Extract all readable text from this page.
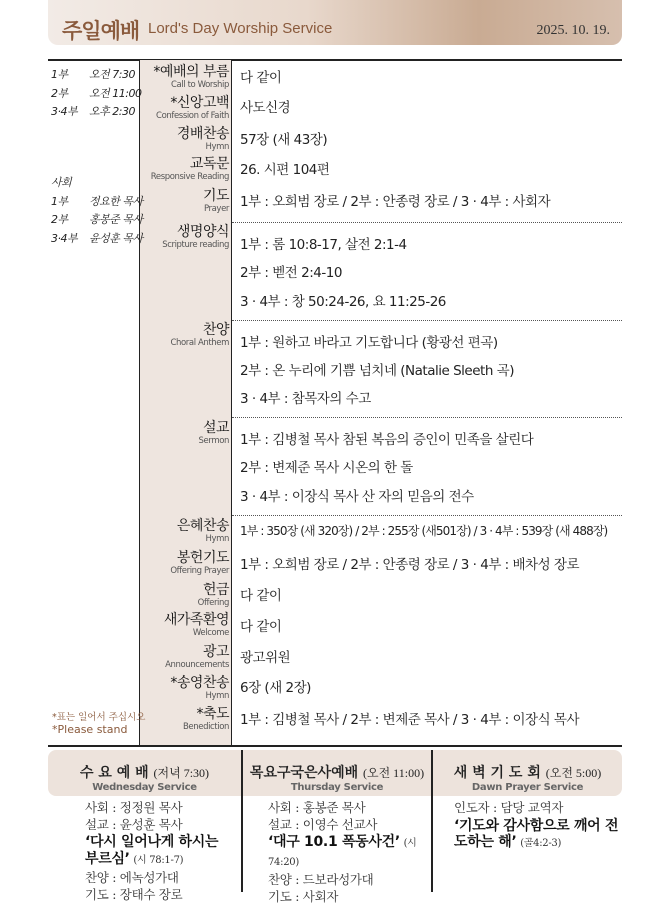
주일예배 Lord's Day Worship Service	2025. 10. 19.
1부 오전 7:30
2부 오전 11:00
3·4부 오후 2:30
사회
1부 정요한 목사
2부 홍봉준 목사
3·4부 윤성훈 목사
*예배의 부름
Call to Worship 다 같이
*신앙고백
Confession of Faith 사도신경
경배찬송
Hymn 57장 (새 43장)
교독문
Responsive Reading 26. 시편 104편
기도
Prayer 1부 : 오희범 장로 / 2부 : 안종령 장로 / 3 · 4부 : 사회자
생명양식
Scripture reading 1부 : 롬 10:8-17, 살전 2:1-4
2부 : 벧전 2:4-10
3 · 4부 : 창 50:24-26, 요 11:25-26
찬양
Choral Anthem 1부 : 원하고 바라고 기도합니다 (황광선 편곡)
2부 : 온 누리에 기쁨 넘치네 (Natalie Sleeth 곡)
3 · 4부 : 참목자의 수고
설교
Sermon 1부 : 김병철 목사 참된 복음의 증인이 민족을 살린다
2부 : 변제준 목사 시온의 한 돌
3 · 4부 : 이장식 목사 산 자의 믿음의 전수
은혜찬송
Hymn
1부 : 350장 (새 320장) / 2부 : 255장 (새501장) / 3 · 4부 : 539장 (새 488장)
봉헌기도
Offering Prayer 1부 : 오희범 장로 / 2부 : 안종령 장로 / 3 · 4부 : 배차성 장로
헌금
Offering 다 같이
새가족환영
Welcome 다 같이
광고
Announcements 광고위원
*송영찬송
Hymn 6장 (새 2장)
*축도
Benediction 1부 : 김병철 목사 / 2부 : 변제준 목사 / 3 · 4부 : 이장식 목사
*표는 일어서 주십시오
*Please stand
수 요 예 배 (저녁 7:30)
Wednesday Service
사회 : 정정원 목사
설교 : 윤성훈 목사
‘다시 일어나게 하시는 부르심’ (시 78:1-7)
찬양 : 에녹성가대
기도 : 장태수 장로
목요구국은사예배 (오전 11:00)
Thursday Service
사회 : 홍봉준 목사
설교 : 이영수 선교사
‘대구 10.1 폭동사건’ (시 74:20)
찬양 : 드보라성가대
기도 : 사회자
새 벽 기 도 회 (오전 5:00)
Dawn Prayer Service
인도자 : 담당 교역자
‘기도와 감사함으로 깨어 전도하는 해’ (골4:2-3)
